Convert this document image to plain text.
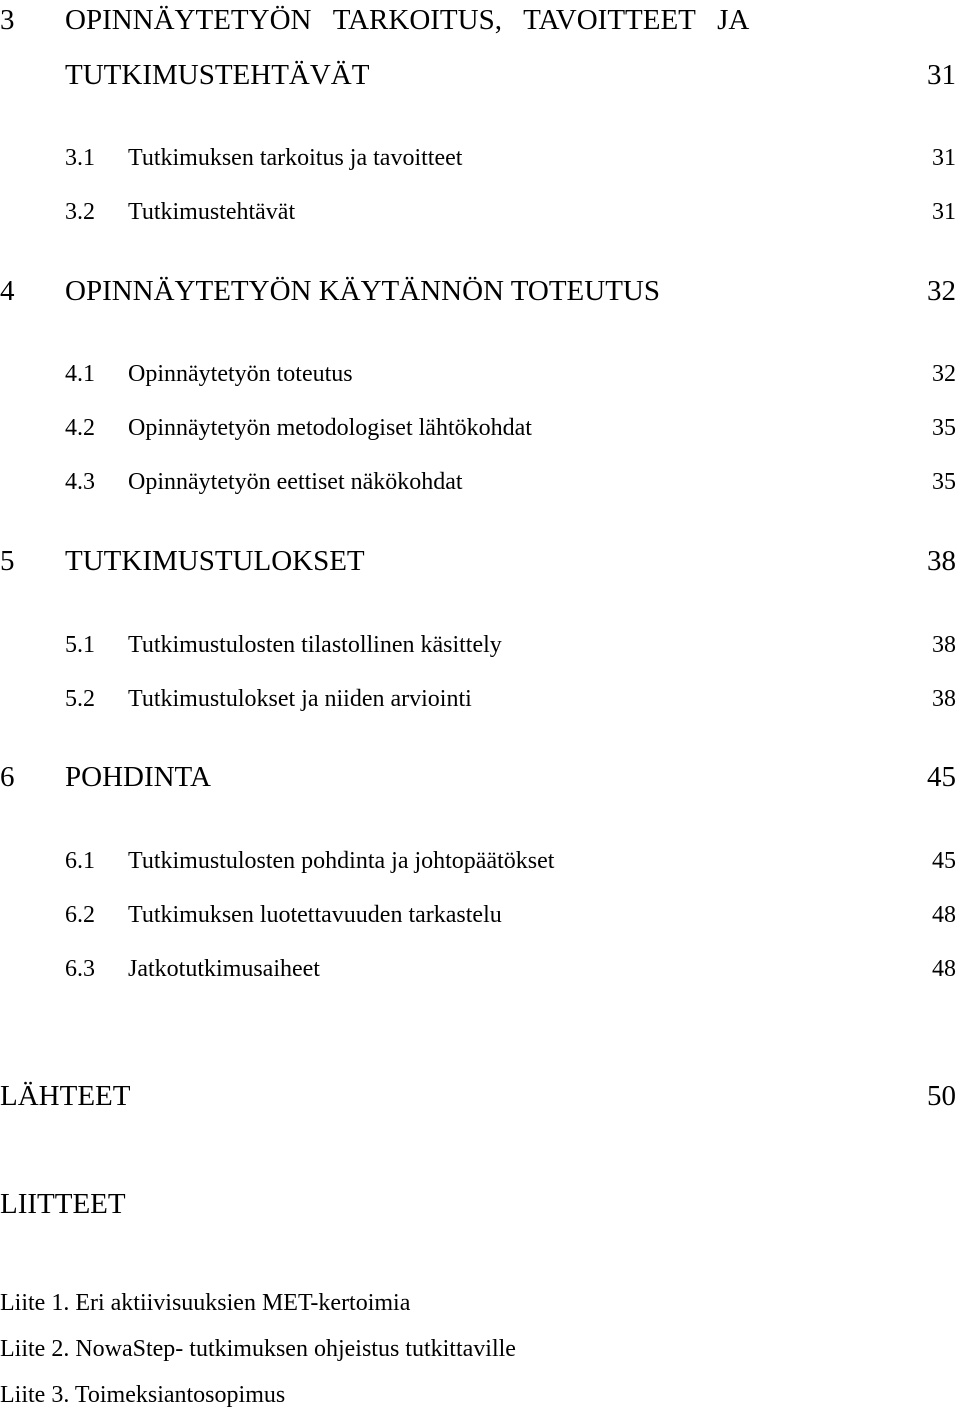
3 OPINNÄYTETYÖN   TARKOITUS,   TAVOITTEET   JA
TUTKIMUSTEHTÄVÄT	31
3.1 Tutkimuksen tarkoitus ja tavoitteet	31
3.2 Tutkimustehtävät	31
4 OPINNÄYTETYÖN KÄYTÄNNÖN TOTEUTUS	32
4.1 Opinnäytetyön toteutus	32
4.2 Opinnäytetyön metodologiset lähtökohdat	35
4.3 Opinnäytetyön eettiset näkökohdat	35
5 TUTKIMUSTULOKSET	38
5.1 Tutkimustulosten tilastollinen käsittely	38
5.2 Tutkimustulokset ja niiden arviointi	38
6 POHDINTA	45
6.1 Tutkimustulosten pohdinta ja johtopäätökset	45
6.2 Tutkimuksen luotettavuuden tarkastelu	48
6.3 Jatkotutkimusaiheet	48
LÄHTEET	50
LIITTEET
Liite 1. Eri aktiivisuuksien MET-kertoimia
Liite 2. NowaStep- tutkimuksen ohjeistus tutkittaville
Liite 3. Toimeksiantosopimus
